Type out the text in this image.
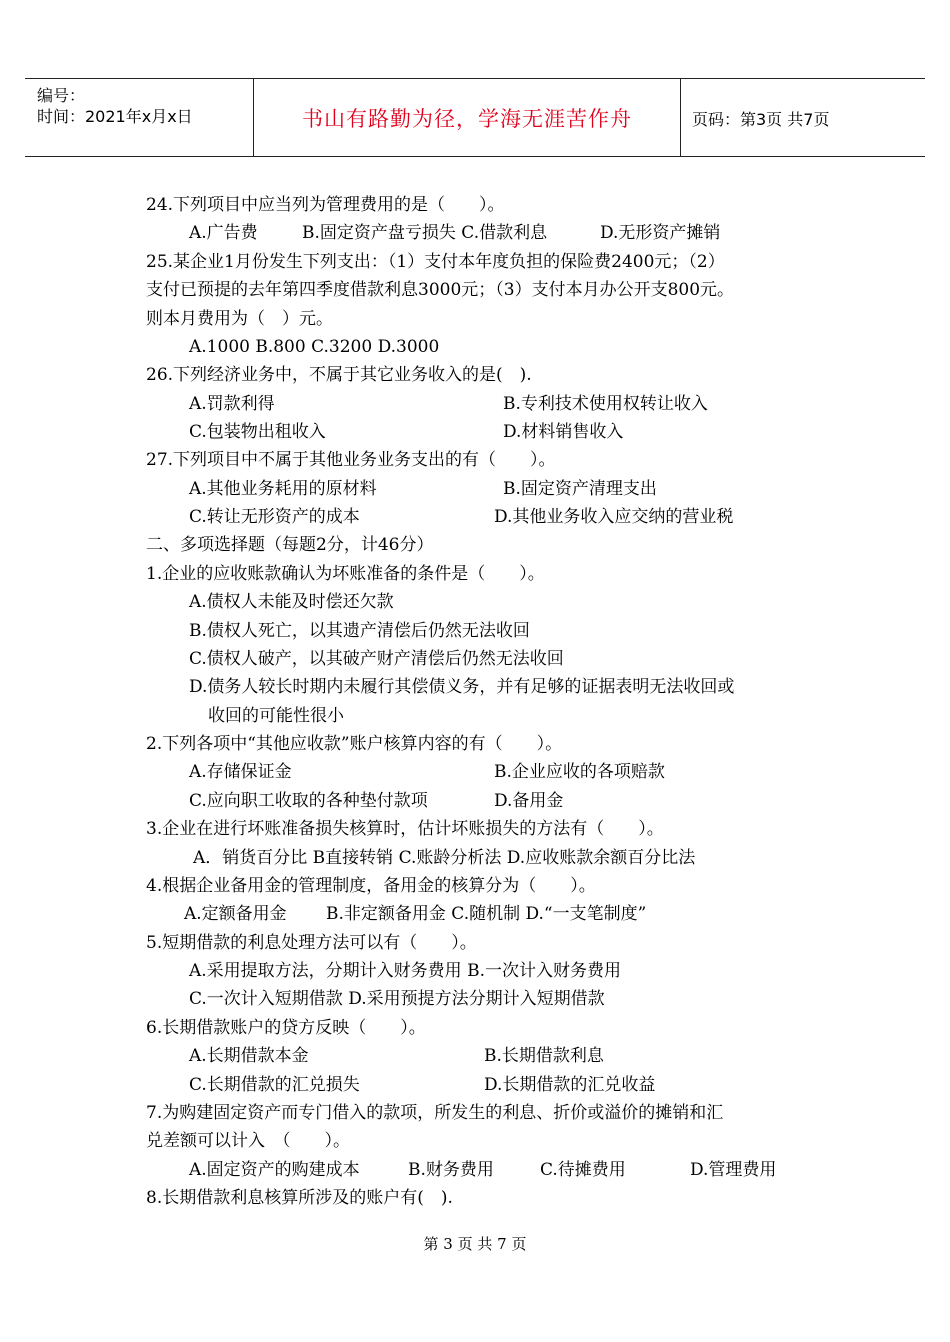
编号：
时间：2021年x月x日	书山有路勤为径，学海无涯苦作舟	页码：第3页 共7页
24.下列项目中应当列为管理费用的是（　　）。
A.广告费	B.固定资产盘亏损失 C.借款利息	D.无形资产摊销
25.某企业1月份发生下列支出：（1）支付本年度负担的保险费2400元；（2）
支付已预提的去年第四季度借款利息3000元；（3）支付本月办公开支800元。
则本月费用为（　）元。
A.1000 B.800 C.3200 D.3000
26.下列经济业务中，不属于其它业务收入的是(　).
A.罚款利得	B.专利技术使用权转让收入
C.包装物出租收入	D.材料销售收入
27.下列项目中不属于其他业务业务支出的有（　　）。
A.其他业务耗用的原材料	B.固定资产清理支出
C.转让无形资产的成本	D.其他业务收入应交纳的营业税
二、多项选择题（每题2分，计46分）
1.企业的应收账款确认为坏账准备的条件是（　　）。
A.债权人未能及时偿还欠款
B.债权人死亡，以其遗产清偿后仍然无法收回
C.债权人破产，以其破产财产清偿后仍然无法收回
D.债务人较长时期内未履行其偿债义务，并有足够的证据表明无法收回或
收回的可能性很小
2.下列各项中“其他应收款”账户核算内容的有（　　）。
A.存储保证金	B.企业应收的各项赔款
C.应向职工收取的各种垫付款项	D.备用金
3.企业在进行坏账准备损失核算时，估计坏账损失的方法有（　　）。
A．销货百分比 B直接转销 C.账龄分析法 D.应收账款余额百分比法
4.根据企业备用金的管理制度，备用金的核算分为（　　）。
A.定额备用金 B.非定额备用金 C.随机制 D.“一支笔制度”
5.短期借款的利息处理方法可以有（　　）。
A.采用提取方法，分期计入财务费用 B.一次计入财务费用
C.一次计入短期借款 D.采用预提方法分期计入短期借款
6.长期借款账户的贷方反映（　　）。
A.长期借款本金	B.长期借款利息
C.长期借款的汇兑损失	D.长期借款的汇兑收益
7.为购建固定资产而专门借入的款项，所发生的利息、折价或溢价的摊销和汇
兑差额可以计入　（　　）。
A.固定资产的购建成本	B.财务费用	C.待摊费用	D.管理费用
8.长期借款利息核算所涉及的账户有(　).
第 3 页 共 7 页
